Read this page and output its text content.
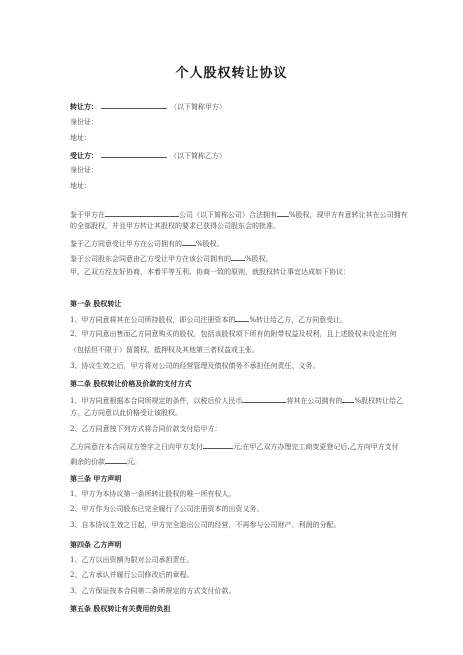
个人股权转让协议
转让方：	（以下简称甲方）
身份证：
地址：
受让方：	（以下简称乙方）
身份证：
地址：
鉴于甲方在	公司（以下简称公司）合法拥有 %股权，现甲方有意转让其在公司拥有
的全部股权，并且甲方转让其股权的要求已获得公司股东会的批准。
鉴于乙方同意受让甲方在公司拥有的 %股权。
鉴于公司股东会同意由乙方受让甲方在该公司拥有的 %股权。
甲、乙双方经友好协商，本着平等互利、协商一致的原则，就股权转让事宜达成如下协议：
第一条 股权转让
1、甲方同意将其在公司所持股权，即公司注册资本的 %转让给乙方，乙方同意受让。
2、甲方同意出售而乙方同意购买的股权，包括该股权项下所有的附带权益及权利，且上述股权未设定任何
（包括但不限于）留置权、抵押权及其他第三者权益或主张。
3、协议生效之后，甲方将对公司的经营管理及债权债务不承担任何责任、义务。
第二条 股权转让价格及价款的支付方式
1、甲方同意根据本合同所规定的条件，以税后价人民币	将其在公司拥有的 %股权转让给乙
方，乙方同意以此价格受让该股权。
2、乙方同意按下列方式将合同价款支付给甲方：
乙方同意在本合同双方签字之日向甲方支付	元;在甲乙双方办理完工商变更登记后,乙方向甲方支付
剩余的价款	元。
第三条 甲方声明
1、甲方为本协议第一条所转让股权的唯一所有权人。
2、甲方作为公司股东已完全履行了公司注册资本的出资义务。
3、自本协议生效之日起，甲方完全退出公司的经营，不再参与公司财产、利润的分配。
第四条 乙方声明
1、乙方以出资额为限对公司承担责任。
2、乙方承认并履行公司修改后的章程。
3、乙方保证按本合同第二条所规定的方式支付价款。
第五条 股权转让有关费用的负担
